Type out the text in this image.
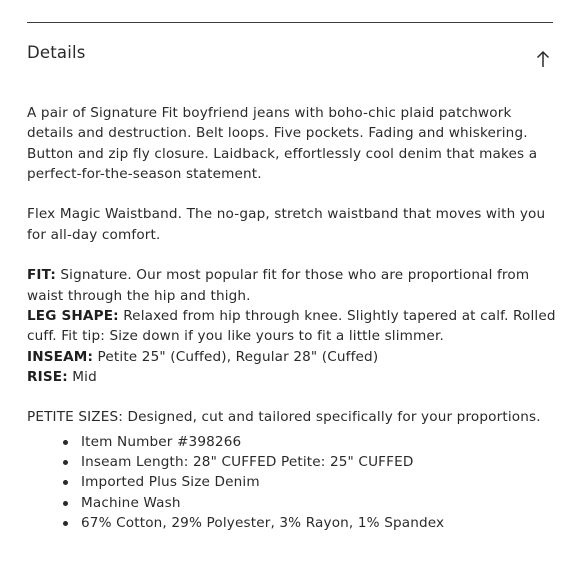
Details

A pair of Signature Fit boyfriend jeans with boho-chic plaid patchwork details and destruction. Belt loops. Five pockets. Fading and whiskering. Button and zip fly closure. Laidback, effortlessly cool denim that makes a perfect-for-the-season statement.

Flex Magic Waistband. The no-gap, stretch waistband that moves with you for all-day comfort.

FIT: Signature. Our most popular fit for those who are proportional from waist through the hip and thigh.

LEG SHAPE: Relaxed from hip through knee. Slightly tapered at calf. Rolled cuff. Fit tip: Size down if you like yours to fit a little slimmer.

INSEAM: Petite 25" (Cuffed), Regular 28" (Cuffed)

RISE: Mid

PETITE SIZES: Designed, cut and tailored specifically for your proportions.

Item Number #398266
Inseam Length: 28" CUFFED Petite: 25" CUFFED
Imported Plus Size Denim
Machine Wash
67% Cotton, 29% Polyester, 3% Rayon, 1% Spandex
